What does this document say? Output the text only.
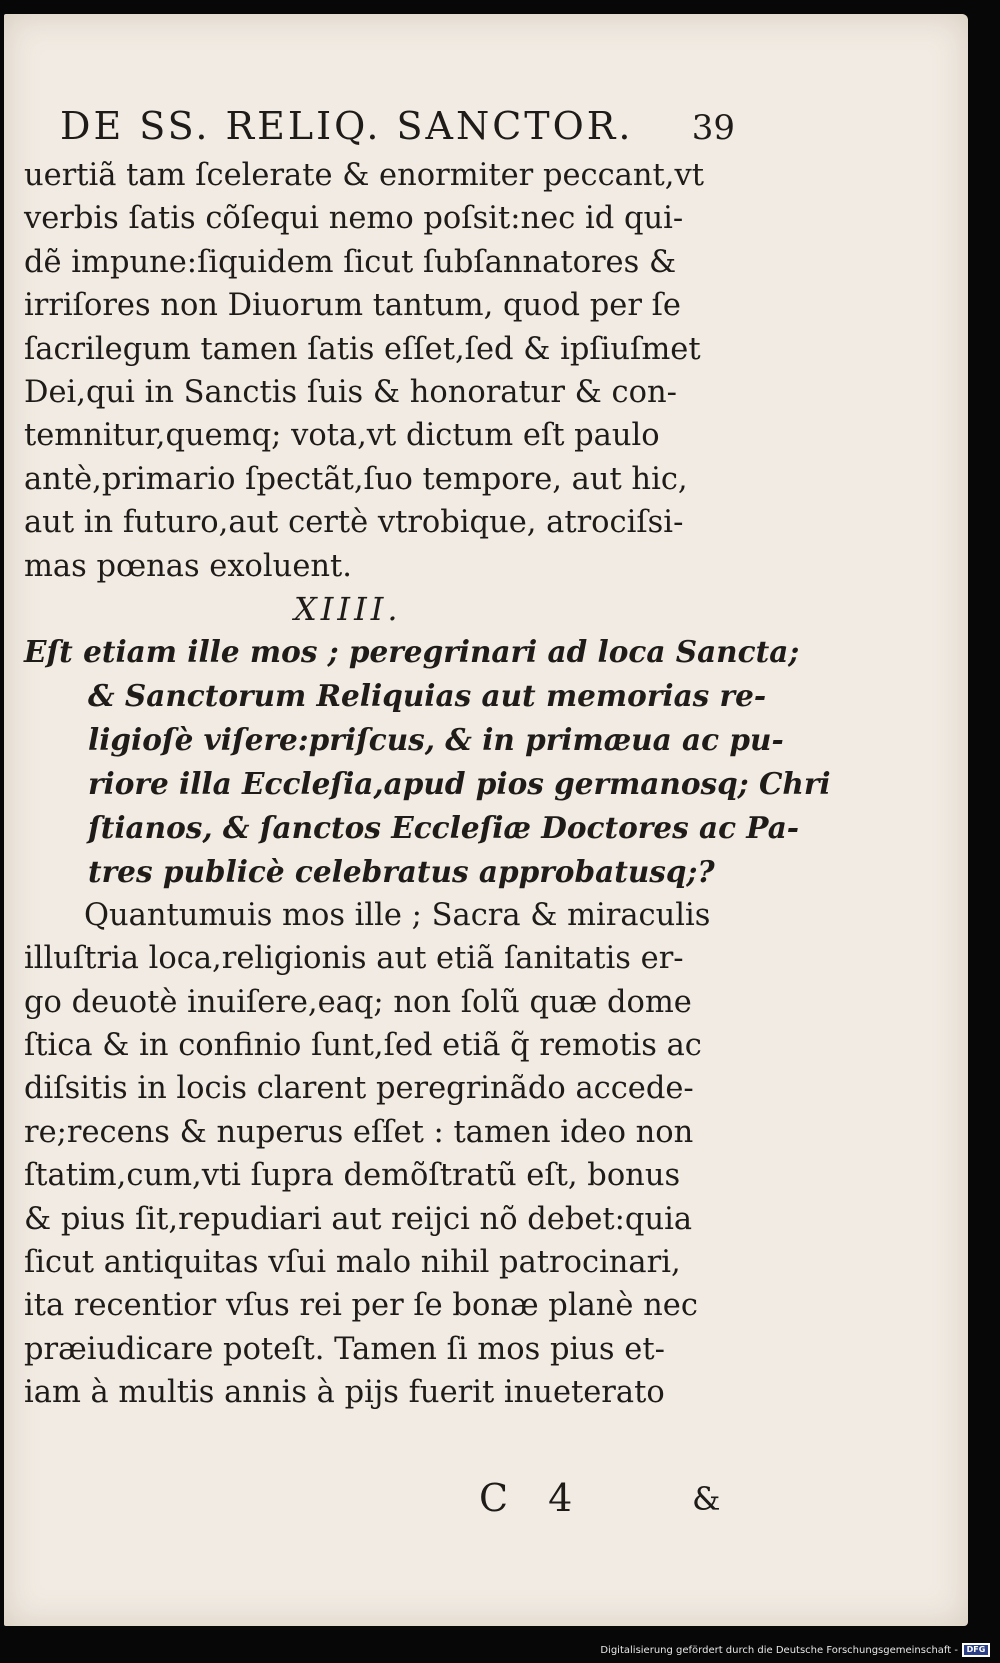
DE SS. RELIQ. SANCTOR. 39
uertiã tam ſcelerate & enormiter peccant,vt
verbis ſatis cõſequi nemo poſsit:nec id qui-
dẽ impune:ſiquidem ſicut ſubſannatores &
irriſores non Diuorum tantum, quod per ſe
ſacrilegum tamen ſatis eſſet,ſed & ipſiuſmet
Dei,qui in Sanctis ſuis & honoratur & con-
temnitur,quemq; vota,vt dictum eſt paulo
antè,primario ſpectãt,ſuo tempore, aut hic,
aut in futuro,aut certè vtrobique, atrociſsi-
mas pœnas exoluent.
XIIII.
Eſt etiam ille mos ; peregrinari ad loca Sancta;
& Sanctorum Reliquias aut memorias re-
ligioſè viſere:priſcus, & in primæua ac pu-
riore illa Eccleſia,apud pios germanosq; Chri
ſtianos, & ſanctos Eccleſiæ Doctores ac Pa-
tres publicè celebratus approbatusq;?
Quantumuis mos ille ; Sacra & miraculis
illuſtria loca,religionis aut etiã ſanitatis er-
go deuotè inuiſere,eaq; non ſolũ quæ dome
ſtica & in confinio ſunt,ſed etiã q̃ remotis ac
diſsitis in locis clarent peregrinãdo accede-
re;recens & nuperus eſſet : tamen ideo non
ſtatim,cum,vti ſupra demõſtratũ eſt, bonus
& pius ſit,repudiari aut reijci nõ debet:quia
ſicut antiquitas vſui malo nihil patrocinari,
ita recentior vſus rei per ſe bonæ planè nec
præiudicare poteſt. Tamen ſi mos pius et-
iam à multis annis à pijs fuerit inueterato
C 4	&
Digitalisierung gefördert durch die Deutsche Forschungsgemeinschaft -	DFG
